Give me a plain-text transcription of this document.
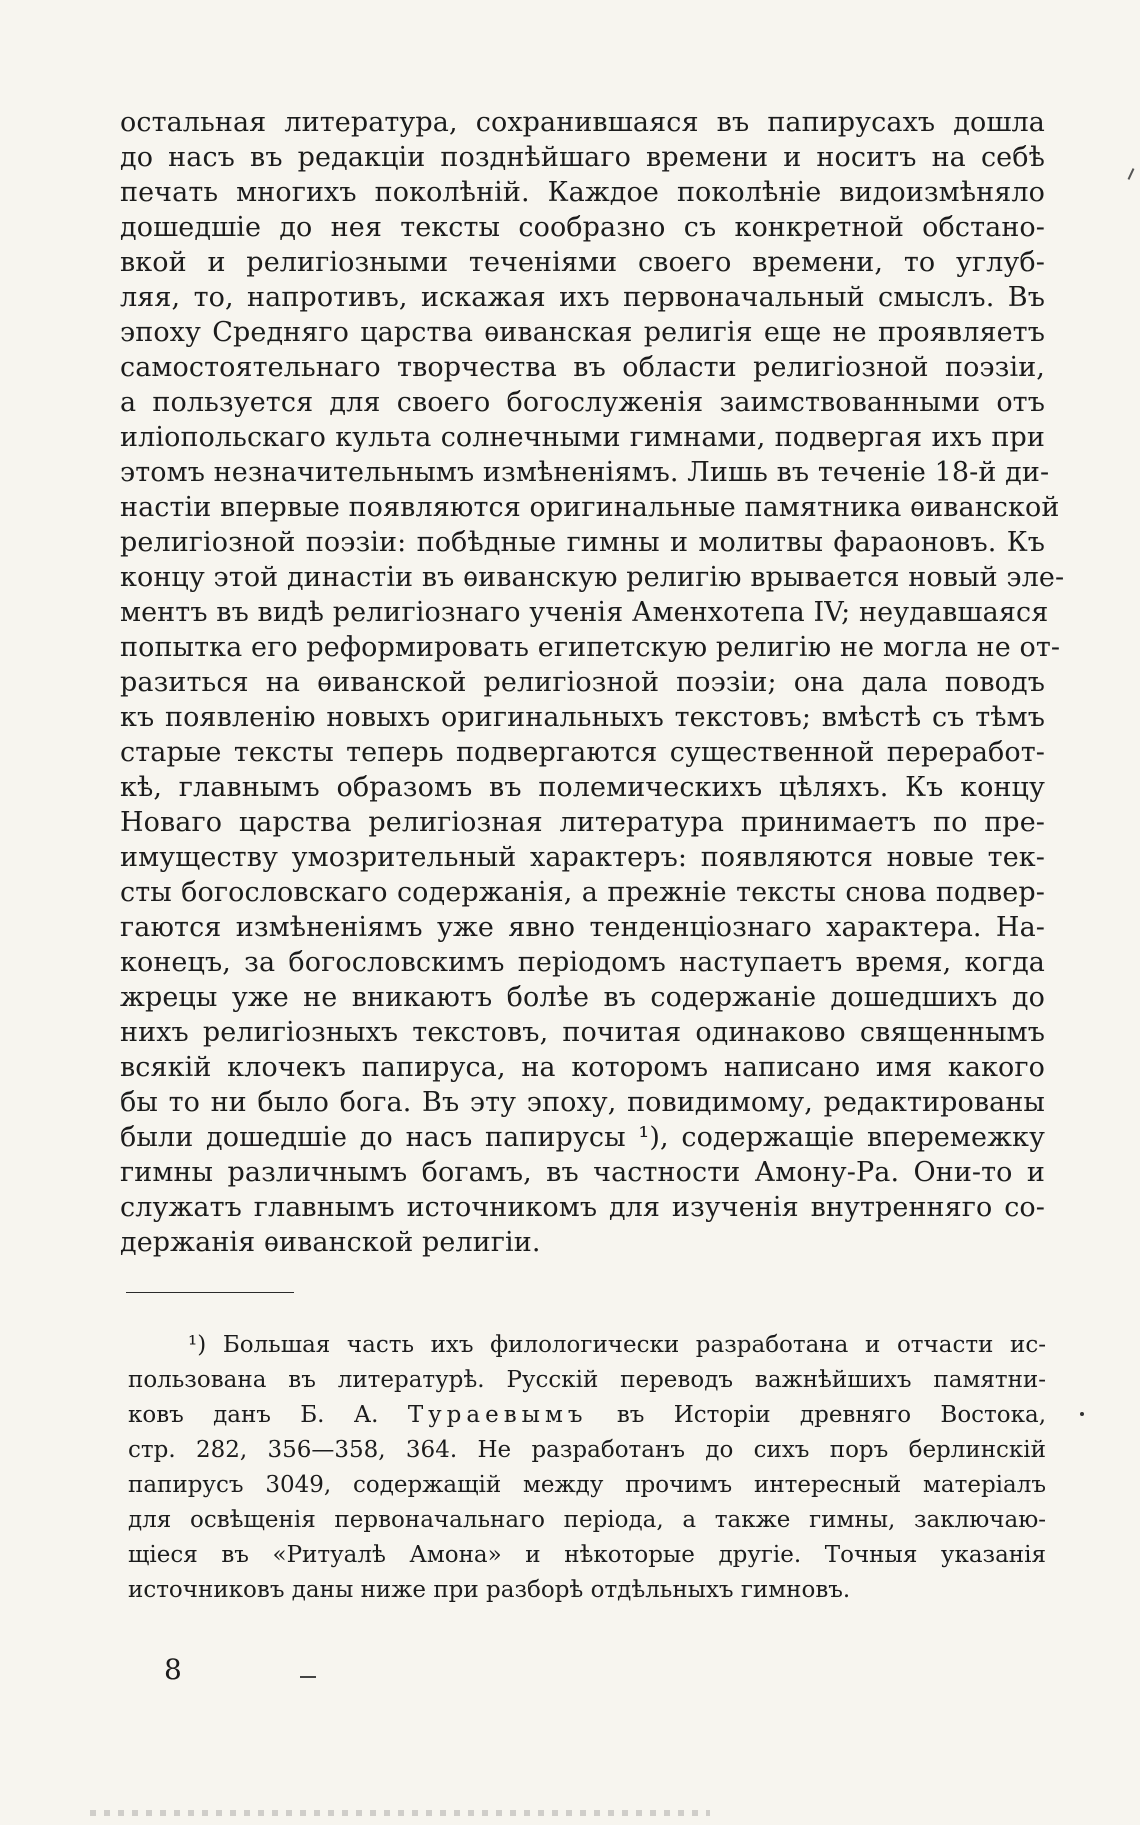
остальная литература, сохранившаяся въ папирусахъ дошла
до насъ въ редакціи позднѣйшаго времени и носитъ на себѣ
печать многихъ поколѣній. Каждое поколѣніе видоизмѣняло
дошедшіе до нея тексты сообразно съ конкретной обстано-
вкой и религіозными теченіями своего времени, то углуб-
ляя, то, напротивъ, искажая ихъ первоначальный смыслъ. Въ
эпоху Средняго царства ѳиванская религія еще не проявляетъ
самостоятельнаго творчества въ области религіозной поэзіи,
а пользуется для своего богослуженія заимствованными отъ
иліопольскаго культа солнечными гимнами, подвергая ихъ при
этомъ незначительнымъ измѣненіямъ. Лишь въ теченіе 18-й ди-
настіи впервые появляются оригинальные памятника ѳиванской
религіозной поэзіи: побѣдные гимны и молитвы фараоновъ. Къ
концу этой династіи въ ѳиванскую религію врывается новый эле-
ментъ въ видѣ религіознаго ученія Аменхотепа IV; неудавшаяся
попытка его реформировать египетскую религію не могла не от-
разиться на ѳиванской религіозной поэзіи; она дала поводъ
къ появленію новыхъ оригинальныхъ текстовъ; вмѣстѣ съ тѣмъ
старые тексты теперь подвергаются существенной переработ-
кѣ, главнымъ образомъ въ полемическихъ цѣляхъ. Къ концу
Новаго царства религіозная литература принимаетъ по пре-
имуществу умозрительный характеръ: появляются новые тек-
сты богословскаго содержанія, а прежніе тексты снова подвер-
гаются измѣненіямъ уже явно тенденціознаго характера. На-
конецъ, за богословскимъ періодомъ наступаетъ время, когда
жрецы уже не вникаютъ болѣе въ содержаніе дошедшихъ до
нихъ религіозныхъ текстовъ, почитая одинаково священнымъ
всякій клочекъ папируса, на которомъ написано имя какого
бы то ни было бога. Въ эту эпоху, повидимому, редактированы
были дошедшіе до насъ папирусы ¹), содержащіе вперемежку
гимны различнымъ богамъ, въ частности Амону-Ра. Они-то и
служатъ главнымъ источникомъ для изученія внутренняго со-
держанія ѳиванской религіи.
¹) Большая часть ихъ филологически разработана и отчасти ис-
пользована въ литературѣ. Русскій переводъ важнѣйшихъ памятни-
ковъ данъ Б. А. Тураевымъ въ Исторіи древняго Востока,
стр. 282, 356—358, 364. Не разработанъ до сихъ поръ берлинскій
папирусъ 3049, содержащій между прочимъ интересный матеріалъ
для освѣщенія первоначальнаго періода, а также гимны, заключаю-
щіеся въ «Ритуалѣ Амона» и нѣкоторые другіе. Точныя указанія
источниковъ даны ниже при разборѣ отдѣльныхъ гимновъ.
8
